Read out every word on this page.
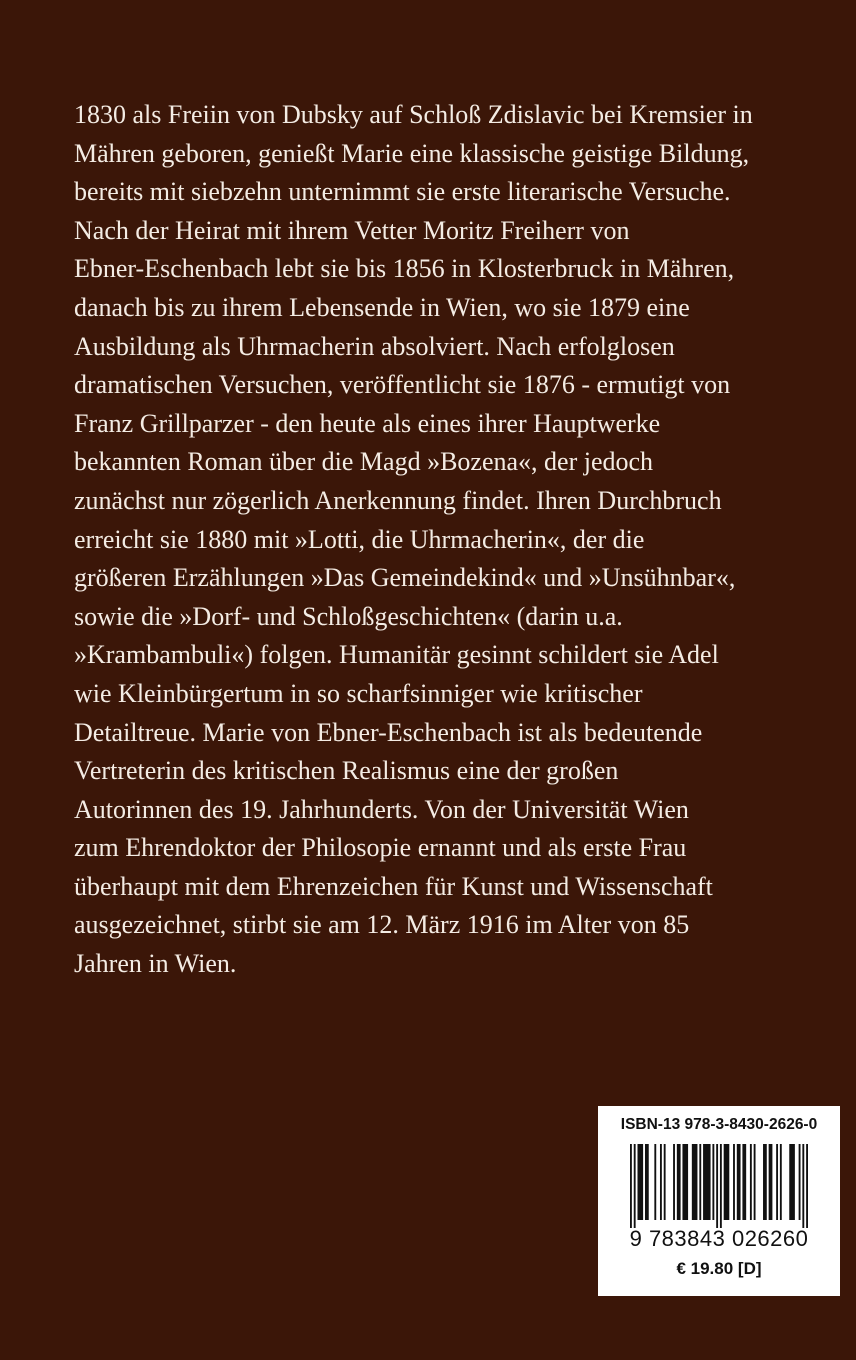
1830 als Freiin von Dubsky auf Schloß Zdislavic bei Kremsier in
Mähren geboren, genießt Marie eine klassische geistige Bildung,
bereits mit siebzehn unternimmt sie erste literarische Versuche.
Nach der Heirat mit ihrem Vetter Moritz Freiherr von
Ebner-Eschenbach lebt sie bis 1856 in Klosterbruck in Mähren,
danach bis zu ihrem Lebensende in Wien, wo sie 1879 eine
Ausbildung als Uhrmacherin absolviert. Nach erfolglosen
dramatischen Versuchen, veröffentlicht sie 1876 - ermutigt von
Franz Grillparzer - den heute als eines ihrer Hauptwerke
bekannten Roman über die Magd »Bozena«, der jedoch
zunächst nur zögerlich Anerkennung findet. Ihren Durchbruch
erreicht sie 1880 mit »Lotti, die Uhrmacherin«, der die
größeren Erzählungen »Das Gemeindekind« und »Unsühnbar«,
sowie die »Dorf- und Schloßgeschichten« (darin u.a.
»Krambambuli«) folgen. Humanitär gesinnt schildert sie Adel
wie Kleinbürgertum in so scharfsinniger wie kritischer
Detailtreue. Marie von Ebner-Eschenbach ist als bedeutende
Vertreterin des kritischen Realismus eine der großen
Autorinnen des 19. Jahrhunderts. Von der Universität Wien
zum Ehrendoktor der Philosopie ernannt und als erste Frau
überhaupt mit dem Ehrenzeichen für Kunst und Wissenschaft
ausgezeichnet, stirbt sie am 12. März 1916 im Alter von 85
Jahren in Wien.

ISBN-13 978-3-8430-2626-0
9 783843 026260
€ 19.80 [D]
